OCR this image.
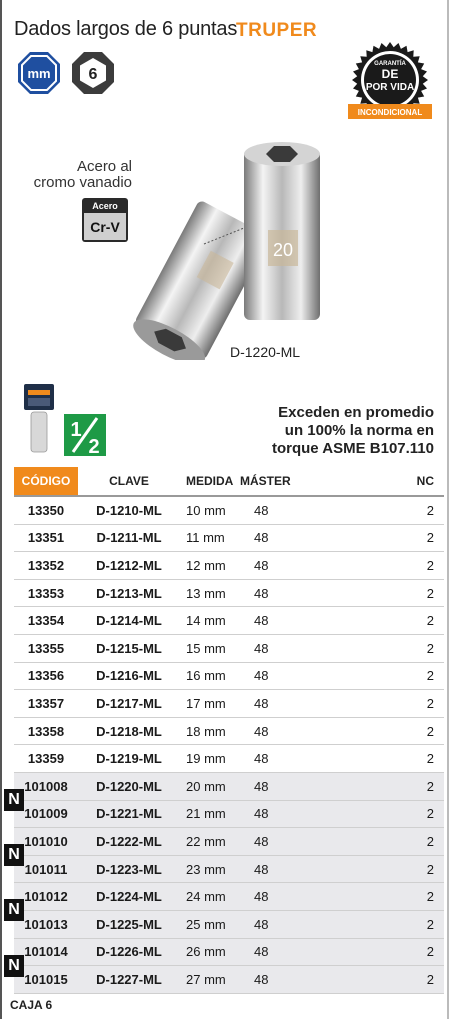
Dados largos de 6 puntas
TRUPER
mm 6
GARANTÍA
DE
POR VIDA
INCONDICIONAL
Acero al
cromo vanadio
Acero
Cr-V
20
D-1220-ML
1
2
Exceden en promedio
un 100% la norma en
torque ASME B107.110
CÓDIGO	CLAVE	MEDIDA	MÁSTER	NC
13350	D-1210-ML	10 mm	48	2
13351	D-1211-ML	11 mm	48	2
13352	D-1212-ML	12 mm	48	2
13353	D-1213-ML	13 mm	48	2
13354	D-1214-ML	14 mm	48	2
13355	D-1215-ML	15 mm	48	2
13356	D-1216-ML	16 mm	48	2
13357	D-1217-ML	17 mm	48	2
13358	D-1218-ML	18 mm	48	2
13359	D-1219-ML	19 mm	48	2
101008	D-1220-ML	20 mm	48	2
101009	D-1221-ML	21 mm	48	2
101010	D-1222-ML	22 mm	48	2
101011	D-1223-ML	23 mm	48	2
101012	D-1224-ML	24 mm	48	2
101013	D-1225-ML	25 mm	48	2
101014	D-1226-ML	26 mm	48	2
101015	D-1227-ML	27 mm	48	2
N
N
N
N
CAJA 6
